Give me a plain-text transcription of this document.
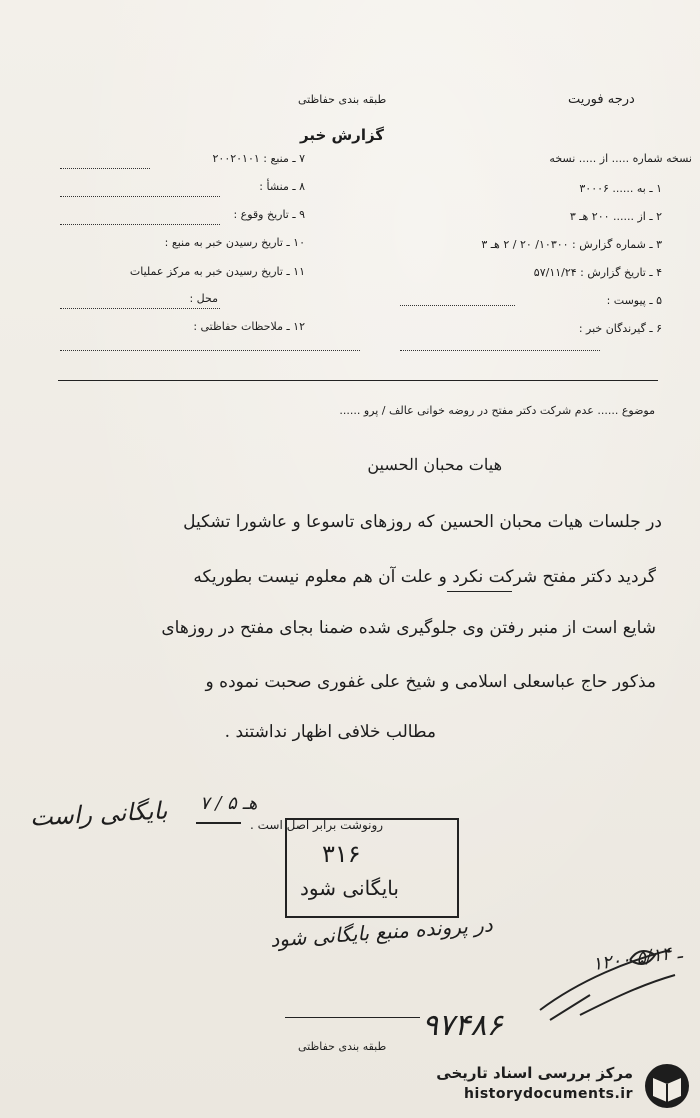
درجه فوریت
طبقه بندی حفاظتی
گزارش خبر
نسخه شماره ..... از ..... نسخه
۱ ـ به ...... ۳۰۰۰۶
۲ ـ از ...... ۲۰۰ هـ ۳
۳ ـ شماره گزارش : ۱۰۳۰۰/ ۲۰ / ۲ هـ ۳
۴ ـ تاریخ گزارش : ۵۷/۱۱/۲۴
۵ ـ پیوست :
۶ ـ گیرندگان خبر :
۷ ـ منبع : ۲۰۰۲۰۱۰۱
۸ ـ منشأ :
۹ ـ تاریخ وقوع :
۱۰ ـ تاریخ رسیدن خبر به منبع :
۱۱ ـ تاریخ رسیدن خبر به مرکز عملیات
محل :
۱۲ ـ ملاحظات حفاظتی :
موضوع ...... عدم شرکت دکتر مفتح در روضه خوانی عالف / پرو ......
هیات محبان الحسین
در جلسات هیات محبان الحسین که روزهای تاسوعا و عاشورا تشکیل
گردید دکتر مفتح شرکت نکرد و علت آن هم معلوم نیست بطوریکه
شایع است از منبر رفتن وی جلوگیری شده ضمنا بجای مفتح در روزهای
مذکور حاج عباسعلی اسلامی و شیخ علی غفوری صحبت نموده و
مطالب خلافی اظهار نداشتند .
بایگانی راست ۷ / ۵ هـ
رونوشت برابر اصل است .
۳۱۶
بایگانی شود
در پرونده منبع بایگانی شود
۱۲۰۰ ـ ۵/۱۴
۹۷۴۸۶
طبقه بندی حفاظتی
مرکز بررسی اسناد تاریخی
historydocuments.ir
